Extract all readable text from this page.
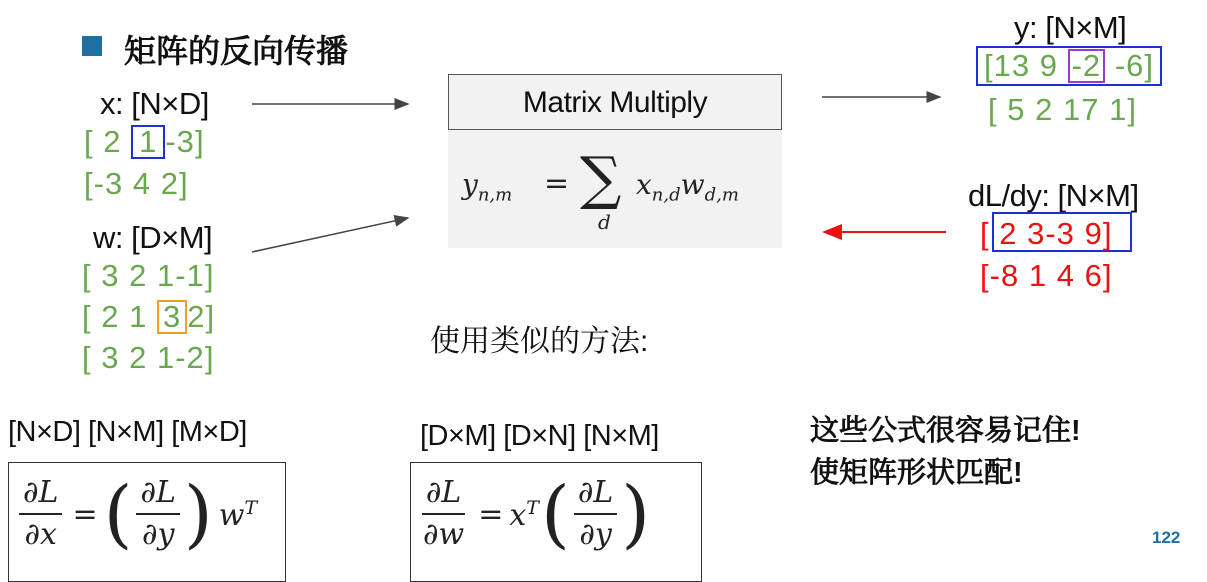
矩阵的反向传播
x: [N×D]
[ 2 1 -3]
[-3 4 2]
w: [D×M]
[ 3 2 1-1]
[ 2 1 3 2]
[ 3 2 1-2]
Matrix Multiply
$y_{n,m}$ = ∑
d
$x_{n,d}w_{d,m}$
y: [N×M]
[13 9 -2 -6]
[ 5 2 17 1]
dL/dy: [N×M]
[ 2 3-3 9]
[-8 1 4 6]
使用类似的方法:
这些公式很容易记住!
使矩阵形状匹配!
[N×D] [N×M] [M×D]
$\frac{\partial L}{\partial x}$ = ( $\frac{\partial L}{\partial y}$ ) $w^T$
[D×M] [D×N] [N×M]
$\frac{\partial L}{\partial w} = x^T$ ( $\frac{\partial L}{\partial y}$ )	122
